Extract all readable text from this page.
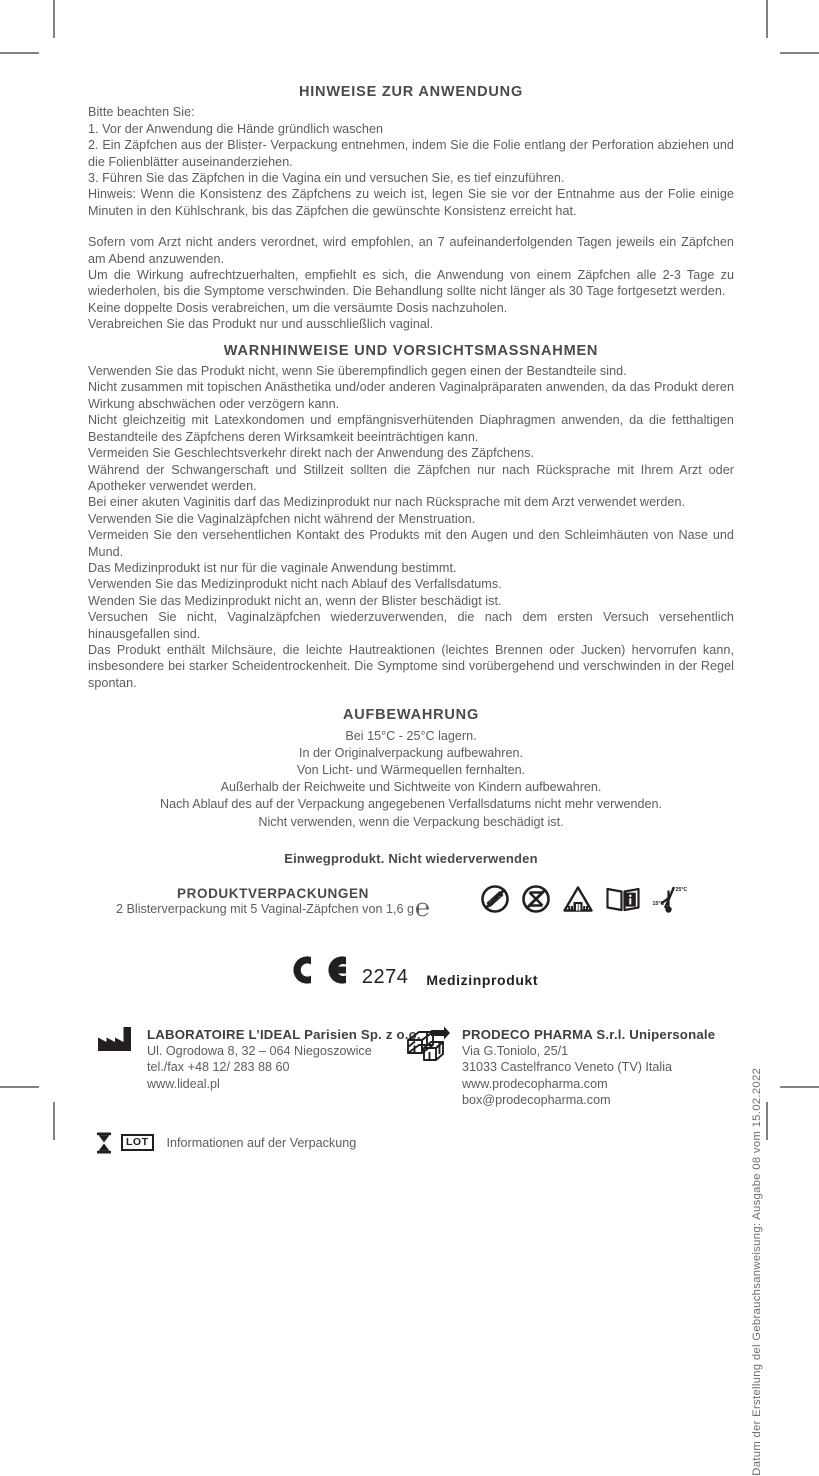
HINWEISE ZUR ANWENDUNG

Bitte beachten Sie:

1. Vor der Anwendung die Hände gründlich waschen

2. Ein Zäpfchen aus der Blister- Verpackung entnehmen, indem Sie die Folie entlang der Perforation abziehen und die Folienblätter auseinanderziehen.

3. Führen Sie das Zäpfchen in die Vagina ein und versuchen Sie, es tief einzuführen.

Hinweis: Wenn die Konsistenz des Zäpfchens zu weich ist, legen Sie sie vor der Entnahme aus der Folie einige Minuten in den Kühlschrank, bis das Zäpfchen die gewünschte Konsistenz erreicht hat.

Sofern vom Arzt nicht anders verordnet, wird empfohlen, an 7 aufeinanderfolgenden Tagen jeweils ein Zäpfchen am Abend anzuwenden.

Um die Wirkung aufrechtzuerhalten, empfiehlt es sich, die Anwendung von einem Zäpfchen alle 2-3 Tage zu wiederholen, bis die Symptome verschwinden. Die Behandlung sollte nicht länger als 30 Tage fortgesetzt werden.

Keine doppelte Dosis verabreichen, um die versäumte Dosis nachzuholen.

Verabreichen Sie das Produkt nur und ausschließlich vaginal.

WARNHINWEISE UND VORSICHTSMASSNAHMEN

Verwenden Sie das Produkt nicht, wenn Sie überempfindlich gegen einen der Bestandteile sind.

Nicht zusammen mit topischen Anästhetika und/oder anderen Vaginalpräparaten anwenden, da das Produkt deren Wirkung abschwächen oder verzögern kann.

Nicht gleichzeitig mit Latexkondomen und empfängnisverhütenden Diaphragmen anwenden, da die fetthaltigen Bestandteile des Zäpfchens deren Wirksamkeit beeinträchtigen kann.

Vermeiden Sie Geschlechtsverkehr direkt nach der Anwendung des Zäpfchens.

Während der Schwangerschaft und Stillzeit sollten die Zäpfchen nur nach Rücksprache mit Ihrem Arzt oder Apotheker verwendet werden.

Bei einer akuten Vaginitis darf das Medizinprodukt nur nach Rücksprache mit dem Arzt verwendet werden.

Verwenden Sie die Vaginalzäpfchen nicht während der Menstruation.

Vermeiden Sie den versehentlichen Kontakt des Produkts mit den Augen und den Schleimhäuten von Nase und Mund.

Das Medizinprodukt ist nur für die vaginale Anwendung bestimmt.

Verwenden Sie das Medizinprodukt nicht nach Ablauf des Verfallsdatums.

Wenden Sie das Medizinprodukt nicht an, wenn der Blister beschädigt ist.

Versuchen Sie nicht, Vaginalzäpfchen wiederzuverwenden, die nach dem ersten Versuch versehentlich hinausgefallen sind.

Das Produkt enthält Milchsäure, die leichte Hautreaktionen (leichtes Brennen oder Jucken) hervorrufen kann, insbesondere bei starker Scheidentrockenheit. Die Symptome sind vorübergehend und verschwinden in der Regel spontan.

AUFBEWAHRUNG

Bei 15°C - 25°C lagern.

In der Originalverpackung aufbewahren.

Von Licht- und Wärmequellen fernhalten.

Außerhalb der Reichweite und Sichtweite von Kindern aufbewahren.

Nach Ablauf des auf der Verpackung angegebenen Verfallsdatums nicht mehr verwenden.

Nicht verwenden, wenn die Verpackung beschädigt ist.

Einwegprodukt. Nicht wiederverwenden

PRODUKTVERPACKUNGEN

2 Blisterverpackung mit 5 Vaginal-Zäpfchen von 1,6 g℮	15°C
25°C
2274 Medizinprodukt

LABORATOIRE L’IDEAL Parisien Sp. z o.o.

Ul. Ogrodowa 8, 32 – 064 Niegoszowice

tel./fax +48 12/ 283 88 60

www.lideal.pl

PRODECO PHARMA S.r.l. Unipersonale

Via G.Toniolo, 25/1

31033 Castelfranco Veneto (TV) Italia

www.prodecopharma.com

box@prodecopharma.com

LOT	Informationen auf der Verpackung	Datum der Erstellung del Gebrauchsanweisung: Ausgabe 08 vom 15.02.2022
